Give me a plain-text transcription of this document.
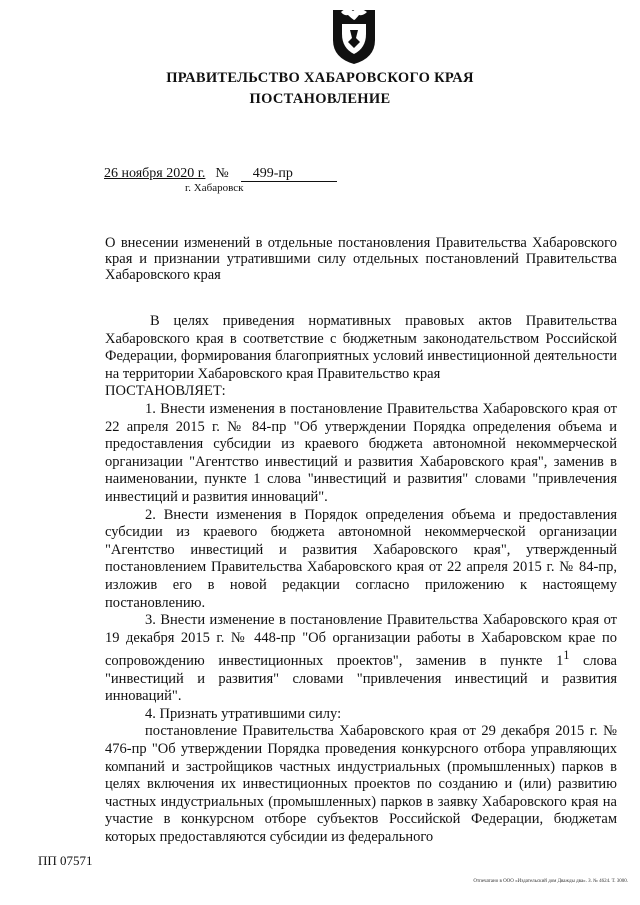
ПРАВИТЕЛЬСТВО ХАБАРОВСКОГО КРАЯ
ПОСТАНОВЛЕНИЕ
26 ноября 2020 г. № 499-пр
г. Хабаровск
О внесении изменений в отдельные постановления Правительства Хабаровского края и признании утратившими силу отдельных постановлений Правительства Хабаровского края

В целях приведения нормативных правовых актов Правительства Хабаровского края в соответствие с бюджетным законодательством Российской Федерации, формирования благоприятных условий инвестиционной деятельности на территории Хабаровского края Правительство края

ПОСТАНОВЛЯЕТ:

1. Внести изменения в постановление Правительства Хабаровского края от 22 апреля 2015 г. № 84-пр "Об утверждении Порядка определения объема и предоставления субсидии из краевого бюджета автономной некоммерческой организации "Агентство инвестиций и развития Хабаровского края", заменив в наименовании, пункте 1 слова "инвестиций и развития" словами "привлечения инвестиций и развития инноваций".

2. Внести изменения в Порядок определения объема и предоставления субсидии из краевого бюджета автономной некоммерческой организации "Агентство инвестиций и развития Хабаровского края", утвержденный постановлением Правительства Хабаровского края от 22 апреля 2015 г. № 84-пр, изложив его в новой редакции согласно приложению к настоящему постановлению.

3. Внести изменение в постановление Правительства Хабаровского края от 19 декабря 2015 г. № 448-пр "Об организации работы в Хабаровском крае по сопровождению инвестиционных проектов", заменив в пункте $1^1$ слова "инвестиций и развития" словами "привлечения инвестиций и развития инноваций".

4. Признать утратившими силу:

постановление Правительства Хабаровского края от 29 декабря 2015 г. № 476-пр "Об утверждении Порядка проведения конкурсного отбора управляющих компаний и застройщиков частных индустриальных (промышленных) парков в целях включения их инвестиционных проектов по созданию и (или) развитию частных индустриальных (промышленных) парков в заявку Хабаровского края на участие в конкурсном отборе субъектов Российской Федерации, бюджетам которых предоставляются субсидии из федерального

ПП 07571
Отпечатано в ООО «Издательский дом Дважды два». З. № 4624. Т. 3000.
